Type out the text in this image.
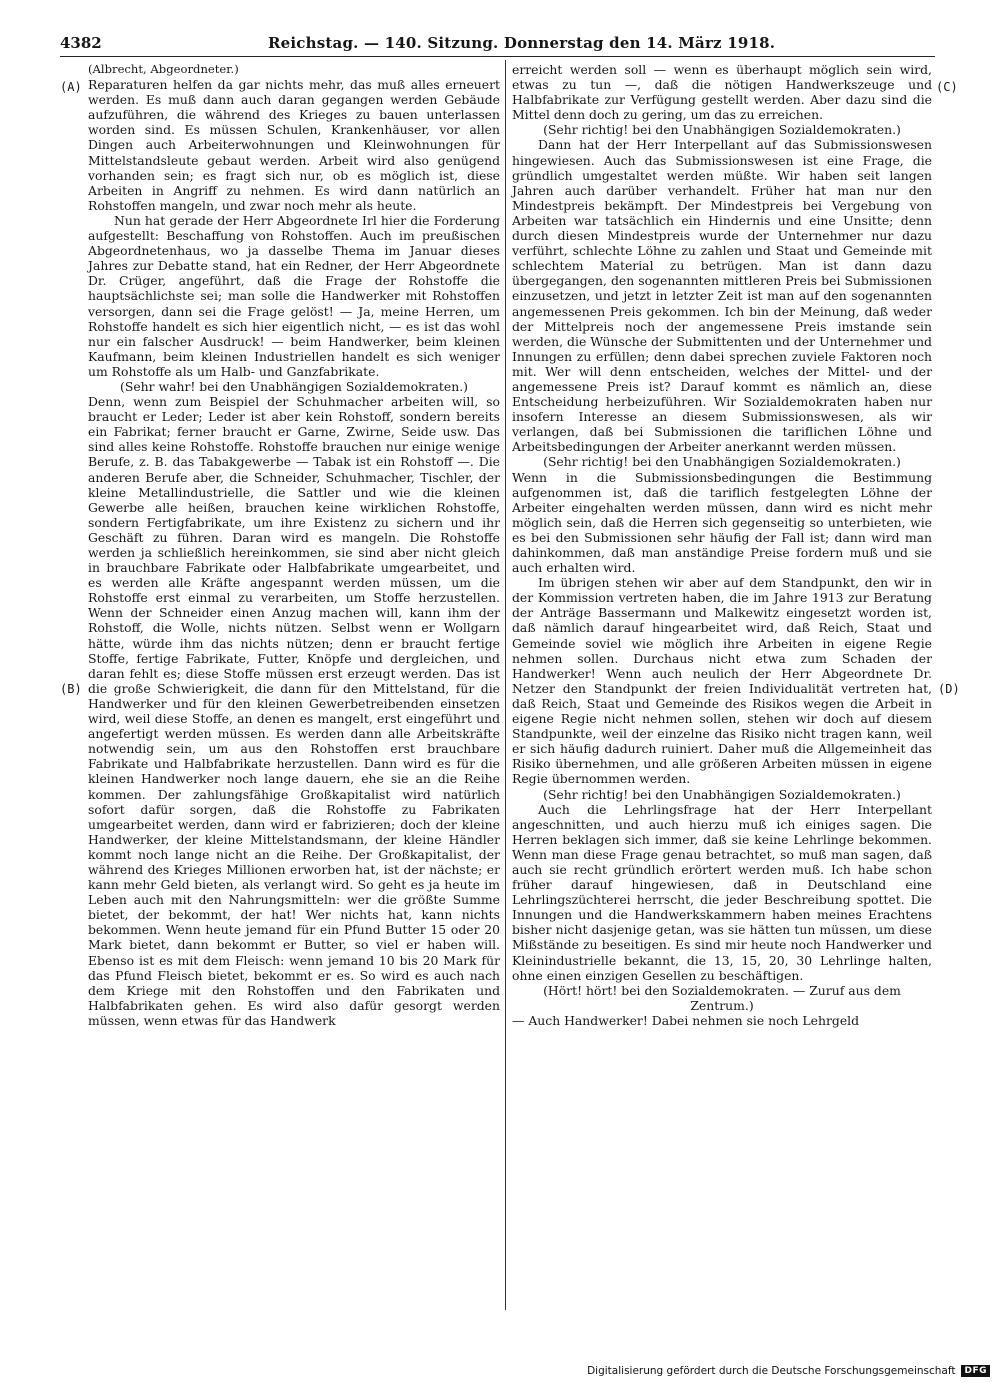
4382	Reichstag. — 140. Sitzung. Donnerstag den 14. März 1918.
(A)
(B)
(C)
(D)

(Albrecht, Abgeordneter.)

Reparaturen helfen da gar nichts mehr, das muß alles erneuert werden. Es muß dann auch daran gegangen werden Gebäude aufzuführen, die während des Krieges zu bauen unterlassen worden sind. Es müssen Schulen, Krankenhäuser, vor allen Dingen auch Arbeiterwohnungen und Kleinwohnungen für Mittelstandsleute gebaut werden. Arbeit wird also genügend vorhanden sein; es fragt sich nur, ob es möglich ist, diese Arbeiten in Angriff zu nehmen. Es wird dann natürlich an Rohstoffen mangeln, und zwar noch mehr als heute.

Nun hat gerade der Herr Abgeordnete Irl hier die Forderung aufgestellt: Beschaffung von Rohstoffen. Auch im preußischen Abgeordnetenhaus, wo ja dasselbe Thema im Januar dieses Jahres zur Debatte stand, hat ein Redner, der Herr Abgeordnete Dr. Crüger, angeführt, daß die Frage der Rohstoffe die hauptsächlichste sei; man solle die Handwerker mit Rohstoffen versorgen, dann sei die Frage gelöst! — Ja, meine Herren, um Rohstoffe handelt es sich hier eigentlich nicht, — es ist das wohl nur ein falscher Ausdruck! — beim Handwerker, beim kleinen Kaufmann, beim kleinen Industriellen handelt es sich weniger um Rohstoffe als um Halb- und Ganzfabrikate.

(Sehr wahr! bei den Unabhängigen Sozialdemokraten.)

Denn, wenn zum Beispiel der Schuhmacher arbeiten will, so braucht er Leder; Leder ist aber kein Rohstoff, sondern bereits ein Fabrikat; ferner braucht er Garne, Zwirne, Seide usw. Das sind alles keine Rohstoffe. Rohstoffe brauchen nur einige wenige Berufe, z. B. das Tabakgewerbe — Tabak ist ein Rohstoff —. Die anderen Berufe aber, die Schneider, Schuhmacher, Tischler, der kleine Metallindustrielle, die Sattler und wie die kleinen Gewerbe alle heißen, brauchen keine wirklichen Rohstoffe, sondern Fertigfabrikate, um ihre Existenz zu sichern und ihr Geschäft zu führen. Daran wird es mangeln. Die Rohstoffe werden ja schließlich hereinkommen, sie sind aber nicht gleich in brauchbare Fabrikate oder Halbfabrikate umgearbeitet, und es werden alle Kräfte angespannt werden müssen, um die Rohstoffe erst einmal zu verarbeiten, um Stoffe herzustellen. Wenn der Schneider einen Anzug machen will, kann ihm der Rohstoff, die Wolle, nichts nützen. Selbst wenn er Wollgarn hätte, würde ihm das nichts nützen; denn er braucht fertige Stoffe, fertige Fabrikate, Futter, Knöpfe und dergleichen, und daran fehlt es; diese Stoffe müssen erst erzeugt werden. Das ist die große Schwierigkeit, die dann für den Mittelstand, für die Handwerker und für den kleinen Gewerbetreibenden einsetzen wird, weil diese Stoffe, an denen es mangelt, erst eingeführt und angefertigt werden müssen. Es werden dann alle Arbeitskräfte notwendig sein, um aus den Rohstoffen erst brauchbare Fabrikate und Halbfabrikate herzustellen. Dann wird es für die kleinen Handwerker noch lange dauern, ehe sie an die Reihe kommen. Der zahlungsfähige Großkapitalist wird natürlich sofort dafür sorgen, daß die Rohstoffe zu Fabrikaten umgearbeitet werden, dann wird er fabrizieren; doch der kleine Handwerker, der kleine Mittelstandsmann, der kleine Händler kommt noch lange nicht an die Reihe. Der Großkapitalist, der während des Krieges Millionen erworben hat, ist der nächste; er kann mehr Geld bieten, als verlangt wird. So geht es ja heute im Leben auch mit den Nahrungsmitteln: wer die größte Summe bietet, der bekommt, der hat! Wer nichts hat, kann nichts bekommen. Wenn heute jemand für ein Pfund Butter 15 oder 20 Mark bietet, dann bekommt er Butter, so viel er haben will. Ebenso ist es mit dem Fleisch: wenn jemand 10 bis 20 Mark für das Pfund Fleisch bietet, bekommt er es. So wird es auch nach dem Kriege mit den Rohstoffen und den Fabrikaten und Halbfabrikaten gehen. Es wird also dafür gesorgt werden müssen, wenn etwas für das Handwerk

erreicht werden soll — wenn es überhaupt möglich sein wird, etwas zu tun —, daß die nötigen Handwerkszeuge und Halbfabrikate zur Verfügung gestellt werden. Aber dazu sind die Mittel denn doch zu gering, um das zu erreichen.

(Sehr richtig! bei den Unabhängigen Sozialdemokraten.)

Dann hat der Herr Interpellant auf das Submissionswesen hingewiesen. Auch das Submissionswesen ist eine Frage, die gründlich umgestaltet werden müßte. Wir haben seit langen Jahren auch darüber verhandelt. Früher hat man nur den Mindestpreis bekämpft. Der Mindestpreis bei Vergebung von Arbeiten war tatsächlich ein Hindernis und eine Unsitte; denn durch diesen Mindestpreis wurde der Unternehmer nur dazu verführt, schlechte Löhne zu zahlen und Staat und Gemeinde mit schlechtem Material zu betrügen. Man ist dann dazu übergegangen, den sogenannten mittleren Preis bei Submissionen einzusetzen, und jetzt in letzter Zeit ist man auf den sogenannten angemessenen Preis gekommen. Ich bin der Meinung, daß weder der Mittelpreis noch der angemessene Preis imstande sein werden, die Wünsche der Submittenten und der Unternehmer und Innungen zu erfüllen; denn dabei sprechen zuviele Faktoren noch mit. Wer will denn entscheiden, welches der Mittel- und der angemessene Preis ist? Darauf kommt es nämlich an, diese Entscheidung herbeizuführen. Wir Sozialdemokraten haben nur insofern Interesse an diesem Submissionswesen, als wir verlangen, daß bei Submissionen die tariflichen Löhne und Arbeitsbedingungen der Arbeiter anerkannt werden müssen.

(Sehr richtig! bei den Unabhängigen Sozialdemokraten.)

Wenn in die Submissionsbedingungen die Bestimmung aufgenommen ist, daß die tariflich festgelegten Löhne der Arbeiter eingehalten werden müssen, dann wird es nicht mehr möglich sein, daß die Herren sich gegenseitig so unterbieten, wie es bei den Submissionen sehr häufig der Fall ist; dann wird man dahinkommen, daß man anständige Preise fordern muß und sie auch erhalten wird.

Im übrigen stehen wir aber auf dem Standpunkt, den wir in der Kommission vertreten haben, die im Jahre 1913 zur Beratung der Anträge Bassermann und Malkewitz eingesetzt worden ist, daß nämlich darauf hingearbeitet wird, daß Reich, Staat und Gemeinde soviel wie möglich ihre Arbeiten in eigene Regie nehmen sollen. Durchaus nicht etwa zum Schaden der Handwerker! Wenn auch neulich der Herr Abgeordnete Dr. Netzer den Standpunkt der freien Individualität vertreten hat, daß Reich, Staat und Gemeinde des Risikos wegen die Arbeit in eigene Regie nicht nehmen sollen, stehen wir doch auf diesem Standpunkte, weil der einzelne das Risiko nicht tragen kann, weil er sich häufig dadurch ruiniert. Daher muß die Allgemeinheit das Risiko übernehmen, und alle größeren Arbeiten müssen in eigene Regie übernommen werden.

(Sehr richtig! bei den Unabhängigen Sozialdemokraten.)

Auch die Lehrlingsfrage hat der Herr Interpellant angeschnitten, und auch hierzu muß ich einiges sagen. Die Herren beklagen sich immer, daß sie keine Lehrlinge bekommen. Wenn man diese Frage genau betrachtet, so muß man sagen, daß auch sie recht gründlich erörtert werden muß. Ich habe schon früher darauf hingewiesen, daß in Deutschland eine Lehrlingszüchterei herrscht, die jeder Beschreibung spottet. Die Innungen und die Handwerkskammern haben meines Erachtens bisher nicht dasjenige getan, was sie hätten tun müssen, um diese Mißstände zu beseitigen. Es sind mir heute noch Handwerker und Kleinindustrielle bekannt, die 13, 15, 20, 30 Lehrlinge halten, ohne einen einzigen Gesellen zu beschäftigen.

(Hört! hört! bei den Sozialdemokraten. — Zuruf aus dem Zentrum.)

— Auch Handwerker! Dabei nehmen sie noch Lehrgeld

Digitalisierung gefördert durch die Deutsche Forschungsgemeinschaft	DFG
